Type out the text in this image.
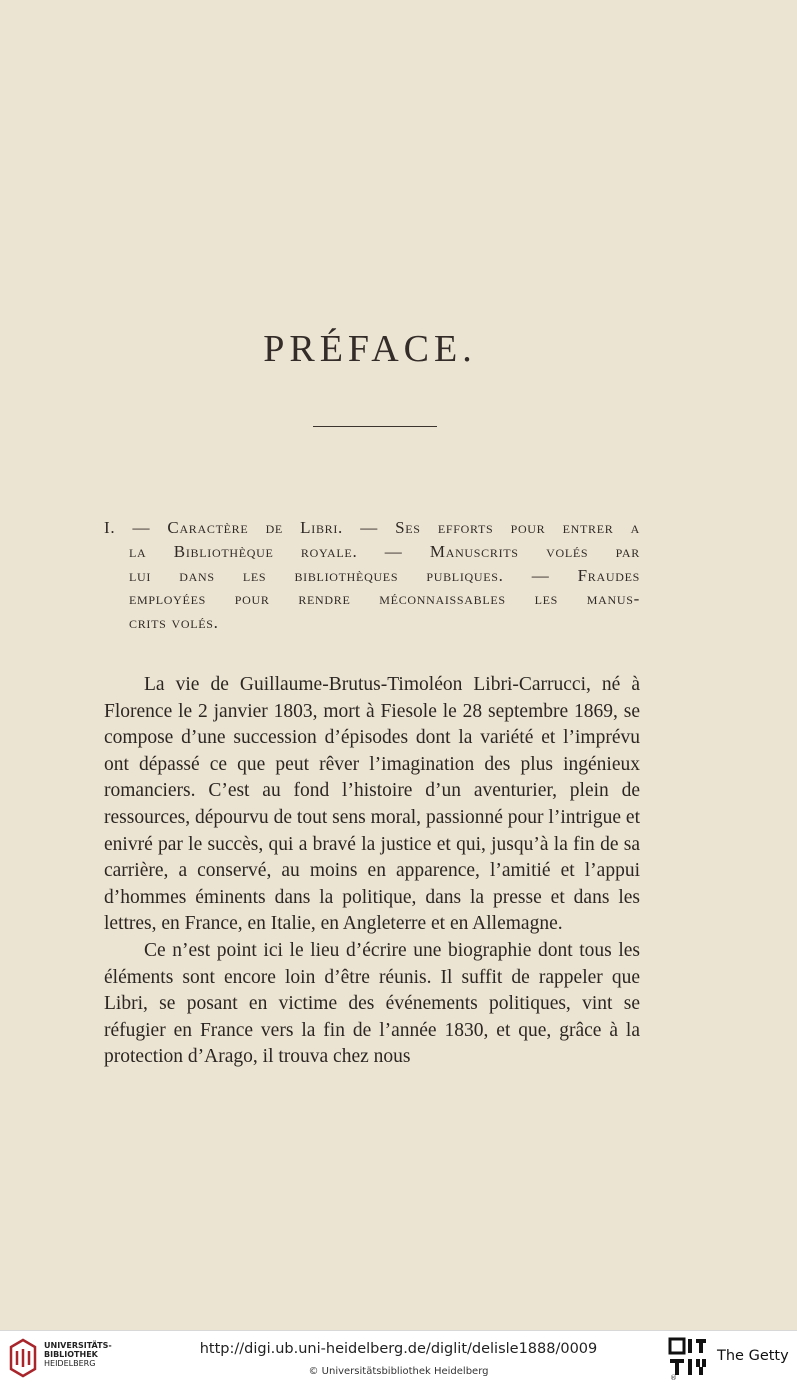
PRÉFACE.
I. — Caractère de Libri. — Ses efforts pour entrer a
la Bibliothèque royale. — Manuscrits volés par
lui dans les bibliothèques publiques. — Fraudes
employées pour rendre méconnaissables les manus-
crits volés.

La vie de Guillaume-Brutus-Timoléon Libri-Carrucci, né à Florence le 2 janvier 1803, mort à Fiesole le 28 septembre 1869, se compose d’une succession d’épisodes dont la variété et l’imprévu ont dépassé ce que peut rêver l’imagination des plus ingénieux romanciers. C’est au fond l’histoire d’un aventurier, plein de ressources, dépourvu de tout sens moral, passionné pour l’intrigue et enivré par le succès, qui a bravé la justice et qui, jusqu’à la fin de sa carrière, a conservé, au moins en apparence, l’amitié et l’appui d’hommes éminents dans la politique, dans la presse et dans les lettres, en France, en Italie, en Angleterre et en Allemagne.

Ce n’est point ici le lieu d’écrire une biographie dont tous les éléments sont encore loin d’être réunis. Il suffit de rappeler que Libri, se posant en victime des événements politiques, vint se réfugier en France vers la fin de l’année 1830, et que, grâce à la protection d’Arago, il trouva chez nous

UNIVERSITÄTS-
BIBLIOTHEK
HEIDELBERG
http://digi.ub.uni-heidelberg.de/diglit/delisle1888/0009
© Universitätsbibliothek Heidelberg
®
The Getty
